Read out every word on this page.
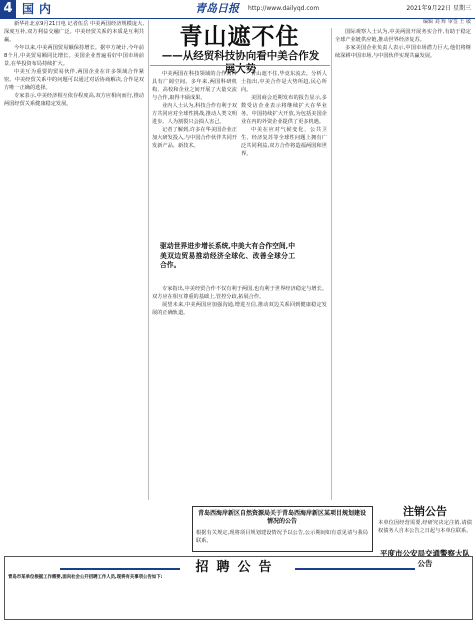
4 国内	青岛日报 http://www.dailyqd.com	2021年9月22日 星期三
编辑 刘 辉 审签 王 敏
青山遮不住
——从经贸科技协向看中美合作发展大势

新华社北京9月21日电 记者伍岳 中美两国经济规模庞大,深度互补,双方利益交融广泛。中美经贸关系的本质是互利共赢。

今年以来,中美两国贸易额保持增长。据中方统计,今年前8个月,中美贸易额同比增长。美国企业普遍看好中国市场前景,在华投资布局持续扩大。

中美互为重要的贸易伙伴,两国企业在许多领域合作紧密。中美经贸关系中的问题可以通过对话协商解决,合作是双方唯一正确的选择。

专家表示,中美经济相互依存程度高,双方应相向而行,推动两国经贸关系健康稳定发展。

中美两国在科技领域的合作同样具有广阔空间。多年来,两国科研机构、高校和企业之间开展了大量交流与合作,取得丰硕成果。

业内人士认为,科技合作有利于双方共同应对全球性挑战,推动人类文明进步。人为割裂只会损人害己。

记者了解到,许多在华美国企业正加大研发投入,与中国合作伙伴共同开发新产品、新技术。

青山遮不住,毕竟东流去。分析人士指出,中美合作是大势所趋,民心所向。

美国商会近期发布的报告显示,多数受访企业表示将继续扩大在华业务。中国持续扩大开放,为包括美国企业在内的外资企业提供了更多机遇。

中美在应对气候变化、公共卫生、经济复苏等全球性问题上拥有广泛共同利益,双方合作将造福两国和世界。

驱动世界进步增长系统,中美大有合作空间,中美双边贸易推动经济全球化、改善全球分工合作。

专家指出,中美经贸合作不仅有利于两国,也有利于世界经济稳定与增长。双方应在相互尊重的基础上,管控分歧,拓展合作。

展望未来,中美两国应加强沟通,增进互信,推动双边关系回到健康稳定发展的正确轨道。

国际观察人士认为,中美两国开展务实合作,有助于稳定全球产业链供应链,推动世界经济复苏。

多家美国企业负责人表示,中国市场潜力巨大,他们将继续深耕中国市场,与中国伙伴实现共赢发展。

青岛西海岸新区自然资源局关于青岛西海岸新区某项目规划建设情况的公告
根据有关规定,现将项目规划建设情况予以公告,公示期间如有意见请与我局联系。
注销公告
本单位因经营需要,经研究决定注销,请债权债务人自本公告之日起与本单位联系。
平度市公安局交通警察大队公告
招聘公告
青岛市某单位根据工作需要,面向社会公开招聘工作人员,现将有关事项公告如下:
